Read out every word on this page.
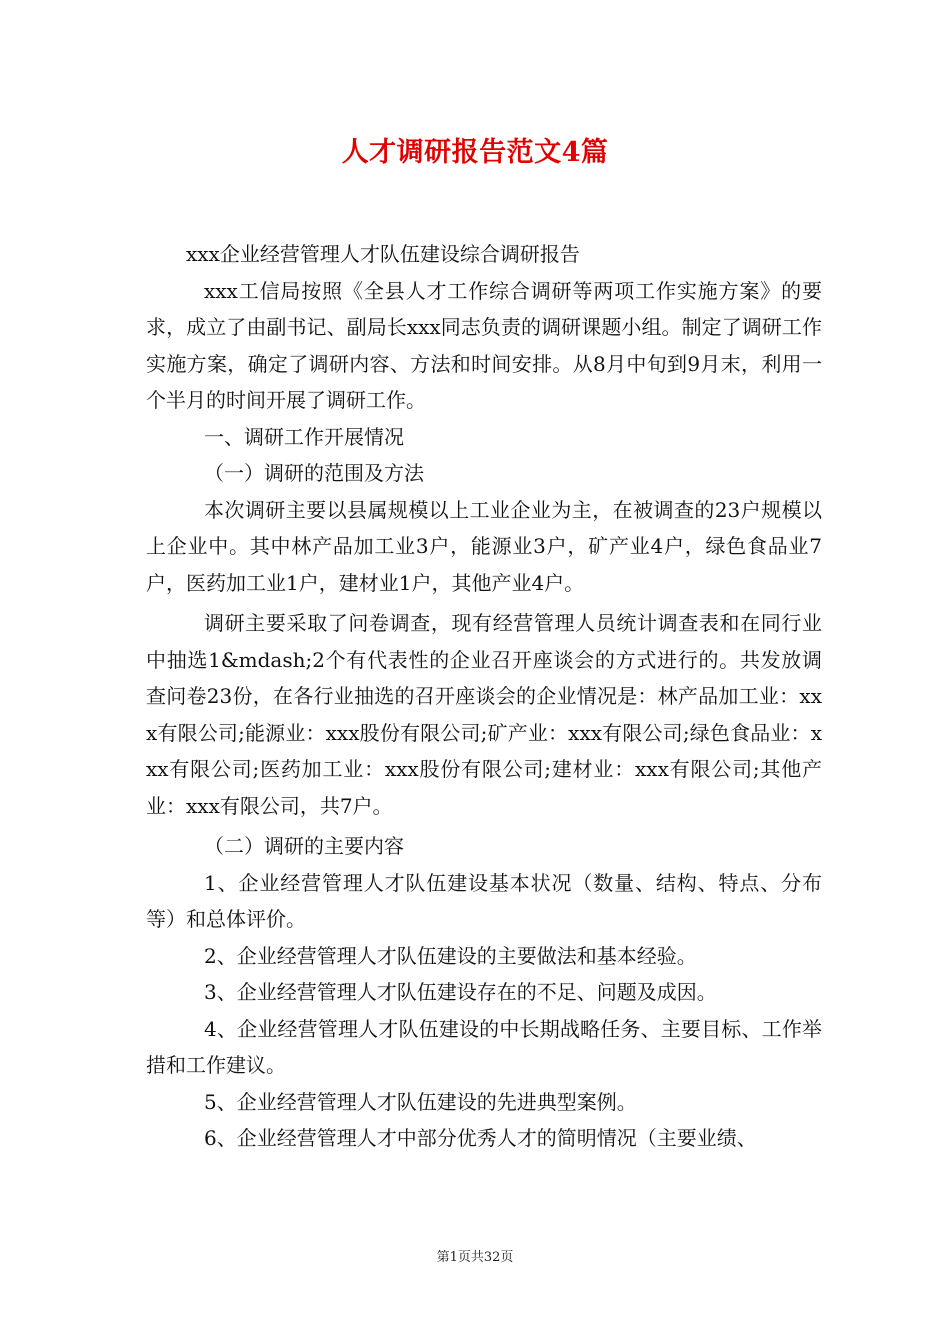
人才调研报告范文4篇

xxx企业经营管理人才队伍建设综合调研报告

xxx工信局按照《全县人才工作综合调研等两项工作实施方案》的要求，成立了由副书记、副局长xxx同志负责的调研课题小组。制定了调研工作实施方案，确定了调研内容、方法和时间安排。从8月中旬到9月末，利用一个半月的时间开展了调研工作。

一、调研工作开展情况

（一）调研的范围及方法

本次调研主要以县属规模以上工业企业为主，在被调查的23户规模以上企业中。其中林产品加工业3户，能源业3户，矿产业4户，绿色食品业7户，医药加工业1户，建材业1户，其他产业4户。

调研主要采取了问卷调查，现有经营管理人员统计调查表和在同行业中抽选1&mdash;2个有代表性的企业召开座谈会的方式进行的。共发放调查问卷23份，在各行业抽选的召开座谈会的企业情况是：林产品加工业：xxx有限公司;能源业：xxx股份有限公司;矿产业：xxx有限公司;绿色食品业：xxx有限公司;医药加工业：xxx股份有限公司;建材业：xxx有限公司;其他产业：xxx有限公司，共7户。

（二）调研的主要内容

1、企业经营管理人才队伍建设基本状况（数量、结构、特点、分布等）和总体评价。

2、企业经营管理人才队伍建设的主要做法和基本经验。

3、企业经营管理人才队伍建设存在的不足、问题及成因。

4、企业经营管理人才队伍建设的中长期战略任务、主要目标、工作举措和工作建议。

5、企业经营管理人才队伍建设的先进典型案例。

6、企业经营管理人才中部分优秀人才的简明情况（主要业绩、

第1页共32页
